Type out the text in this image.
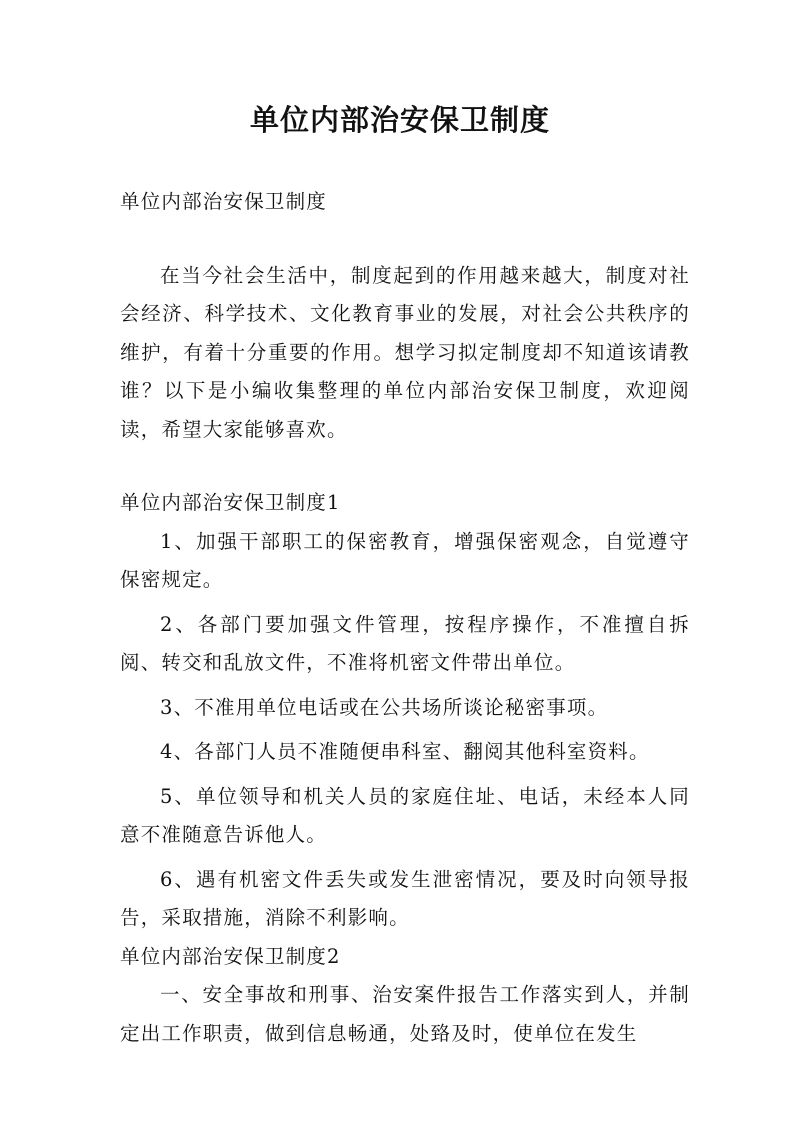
单位内部治安保卫制度

单位内部治安保卫制度

在当今社会生活中，制度起到的作用越来越大，制度对社会经济、科学技术、文化教育事业的发展，对社会公共秩序的维护，有着十分重要的作用。想学习拟定制度却不知道该请教谁？以下是小编收集整理的单位内部治安保卫制度，欢迎阅读，希望大家能够喜欢。

单位内部治安保卫制度1

1、加强干部职工的保密教育，增强保密观念，自觉遵守保密规定。

2、各部门要加强文件管理，按程序操作，不准擅自拆阅、转交和乱放文件，不准将机密文件带出单位。

3、不准用单位电话或在公共场所谈论秘密事项。

4、各部门人员不准随便串科室、翻阅其他科室资料。

5、单位领导和机关人员的家庭住址、电话，未经本人同意不准随意告诉他人。

6、遇有机密文件丢失或发生泄密情况，要及时向领导报告，采取措施，消除不利影响。

单位内部治安保卫制度2

一、安全事故和刑事、治安案件报告工作落实到人，并制定出工作职责，做到信息畅通，处臵及时，使单位在发生
